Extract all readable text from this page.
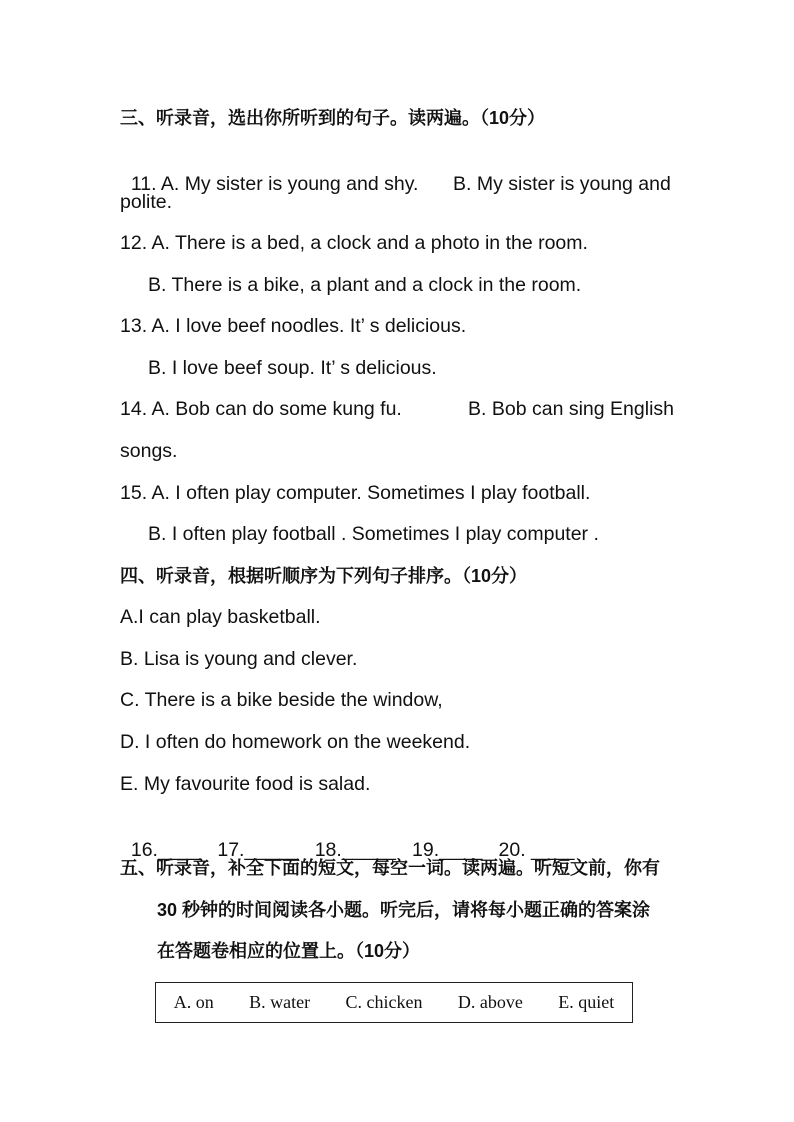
三、听录音，选出你所听到的句子。读两遍。（10分）

11. A. My sister is young and shy. B. My sister is young and

polite.
12. A. There is a bed, a clock and a photo in the room.
B. There is a bike, a plant and a clock in the room.
13. A. I love beef noodles. It’ s delicious.
B. I love beef soup. It’ s delicious.
14. A. Bob can do some kung fu.	B. Bob can sing English
songs.
15. A. I often play computer. Sometimes I play football.
B. I often play football . Sometimes I play computer .
四、听录音，根据听顺序为下列句子排序。（10分）
A.I can play basketball.
B. Lisa is young and clever.
C. There is a bike beside the window,
D. I often do homework on the weekend.
E. My favourite food is salad.

16.____ 17._____ 18._____ 19.____ 20. ____

五、听录音，补全下面的短文，每空一词。读两遍。听短文前，你有
30 秒钟的时间阅读各小题。听完后，请将每小题正确的答案涂
在答题卷相应的位置上。（10分）
A. on B. water C. chicken D. above E. quiet
